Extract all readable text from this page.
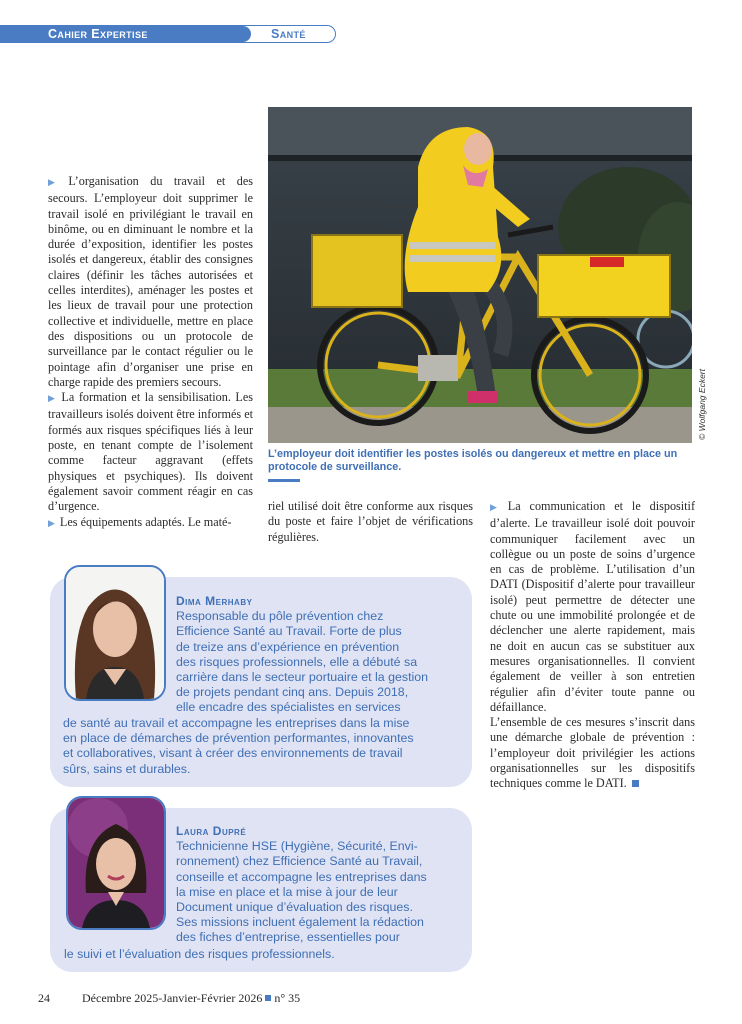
Cahier Expertise	Santé

▶ L’organisation du travail et des secours. L’employeur doit supprimer le travail isolé en privilégiant le travail en binôme, ou en diminuant le nombre et la durée d’exposition, identifier les postes isolés et dangereux, établir des consignes claires (définir les tâches autorisées et celles interdites), aménager les postes et les lieux de travail pour une protection collective et individuelle, mettre en place des dispositions ou un protocole de surveillance par le contact régulier ou le pointage afin d’organiser une prise en charge rapide des premiers secours.

▶ La formation et la sensibilisation. Les travailleurs isolés doivent être informés et formés aux risques spécifiques liés à leur poste, en tenant compte de l’isolement comme facteur aggravant (effets physiques et psychiques). Ils doivent également savoir comment réagir en cas d’urgence.

▶ Les équipements adaptés. Le maté-

riel utilisé doit être conforme aux risques du poste et faire l’objet de vérifications régulières.

▶ La communication et le dispositif d’alerte. Le travailleur isolé doit pouvoir communiquer facilement avec un collègue ou un poste de soins d’urgence en cas de problème. L’utilisation d’un DATI (Dispositif d’alerte pour travailleur isolé) peut permettre de détecter une chute ou une immobilité prolongée et de déclencher une alerte rapidement, mais ne doit en aucun cas se substituer aux mesures organisationnelles. Il convient également de veiller à son entretien régulier afin d’éviter toute panne ou défaillance.

L’ensemble de ces mesures s’inscrit dans une démarche globale de prévention : l’employeur doit privilégier les actions organisationnelles sur les dispositifs techniques comme le DATI.

© Wolfgang Eckert
L’employeur doit identifier les postes isolés ou dangereux et mettre en place un protocole de surveillance.
Dima Merhaby
Responsable du pôle prévention chez
Efficience Santé au Travail. Forte de plus
de treize ans d’expérience en prévention
des risques professionnels, elle a débuté sa
carrière dans le secteur portuaire et la gestion
de projets pendant cinq ans. Depuis 2018,
elle encadre des spécialistes en services
de santé au travail et accompagne les entreprises dans la mise
en place de démarches de prévention performantes, innovantes
et collaboratives, visant à créer des environnements de travail
sûrs, sains et durables.
Laura Dupré
Technicienne HSE (Hygiène, Sécurité, Envi-
ronnement) chez Efficience Santé au Travail,
conseille et accompagne les entreprises dans
la mise en place et la mise à jour de leur
Document unique d’évaluation des risques.
Ses missions incluent également la rédaction
des fiches d’entreprise, essentielles pour
le suivi et l’évaluation des risques professionnels.
24	Décembre 2025-Janvier-Février 2026 n° 35
